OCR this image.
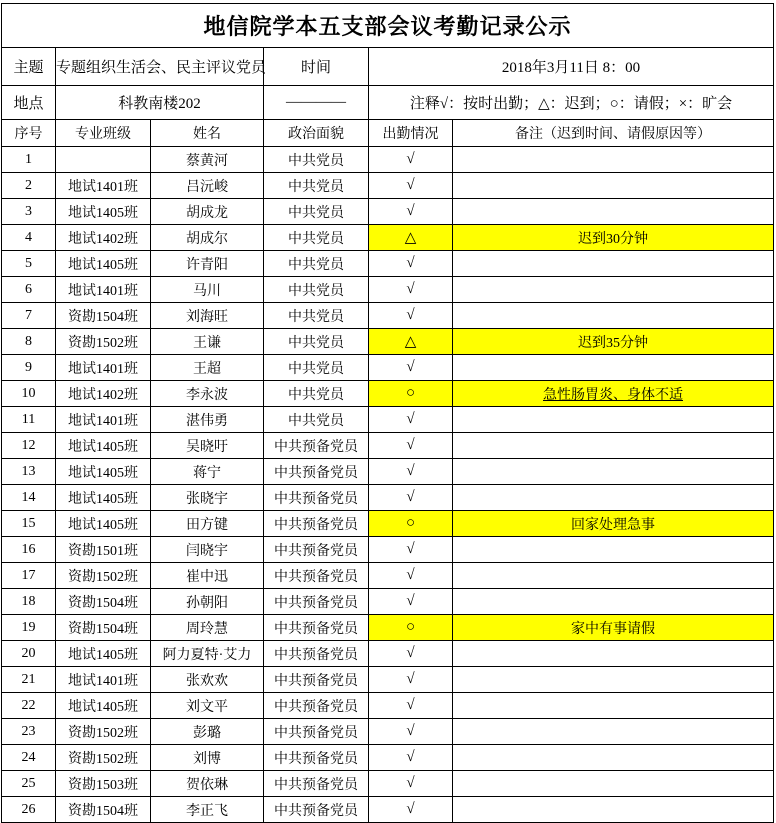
地信院学本五支部会议考勤记录公示					
主题	专题组织生活会、民主评议党员		时间	2018年3月11日 8：00	
地点	科教南楼202		————	注释√：按时出勤；△：迟到；○：请假；×：旷会	
序号	专业班级	姓名	政治面貌	出勤情况	备注（迟到时间、请假原因等）
1		蔡黄河	中共党员	√	
2	地试1401班	吕沅峻	中共党员	√	
3	地试1405班	胡成龙	中共党员	√	
4	地试1402班	胡成尔	中共党员	△	迟到30分钟
5	地试1405班	许青阳	中共党员	√	
6	地试1401班	马川	中共党员	√	
7	资勘1504班	刘海旺	中共党员	√	
8	资勘1502班	王谦	中共党员	△	迟到35分钟
9	地试1401班	王超	中共党员	√	
10	地试1402班	李永波	中共党员	○	急性肠胃炎、身体不适
11	地试1401班	湛伟勇	中共党员	√	
12	地试1405班	吴晓吁	中共预备党员	√	
13	地试1405班	蒋宁	中共预备党员	√	
14	地试1405班	张晓宇	中共预备党员	√	
15	地试1405班	田方键	中共预备党员	○	回家处理急事
16	资勘1501班	闫晓宇	中共预备党员	√	
17	资勘1502班	崔中迅	中共预备党员	√	
18	资勘1504班	孙朝阳	中共预备党员	√	
19	资勘1504班	周玲慧	中共预备党员	○	家中有事请假
20	地试1405班	阿力夏特·艾力	中共预备党员	√	
21	地试1401班	张欢欢	中共预备党员	√	
22	地试1405班	刘文平	中共预备党员	√	
23	资勘1502班	彭璐	中共预备党员	√	
24	资勘1502班	刘博	中共预备党员	√	
25	资勘1503班	贺依琳	中共预备党员	√	
26	资勘1504班	李正飞	中共预备党员	√	
